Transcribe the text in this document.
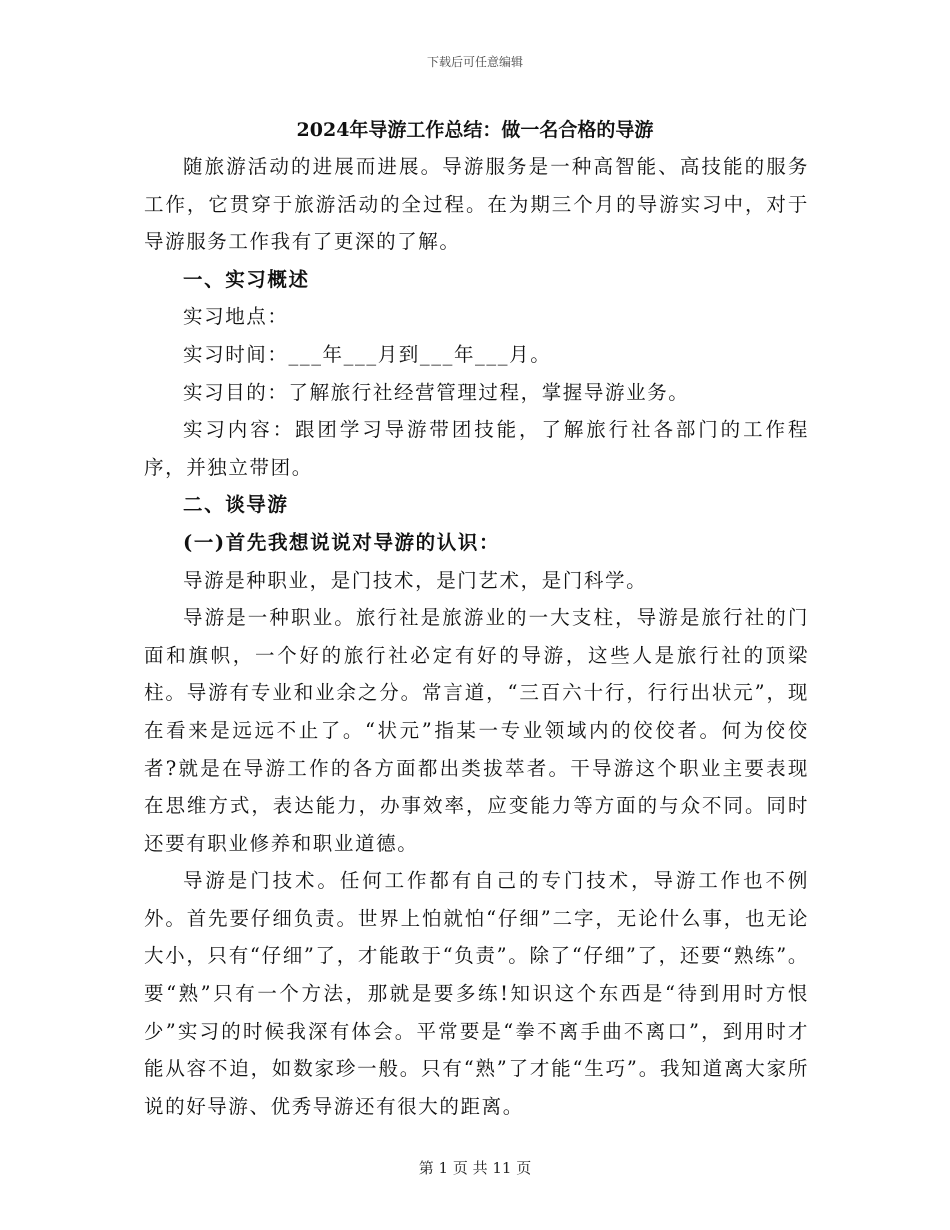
下载后可任意编辑
2024年导游工作总结：做一名合格的导游

随旅游活动的进展而进展。导游服务是一种高智能、高技能的服务工作，它贯穿于旅游活动的全过程。在为期三个月的导游实习中，对于导游服务工作我有了更深的了解。

一、实习概述

实习地点：

实习时间：___年___月到___年___月。

实习目的：了解旅行社经营管理过程，掌握导游业务。

实习内容：跟团学习导游带团技能，了解旅行社各部门的工作程序，并独立带团。

二、谈导游

(一)首先我想说说对导游的认识：

导游是种职业，是门技术，是门艺术，是门科学。

导游是一种职业。旅行社是旅游业的一大支柱，导游是旅行社的门面和旗帜，一个好的旅行社必定有好的导游，这些人是旅行社的顶梁柱。导游有专业和业余之分。常言道，“三百六十行，行行出状元”，现在看来是远远不止了。“状元”指某一专业领域内的佼佼者。何为佼佼者?就是在导游工作的各方面都出类拔萃者。干导游这个职业主要表现在思维方式，表达能力，办事效率，应变能力等方面的与众不同。同时还要有职业修养和职业道德。

导游是门技术。任何工作都有自己的专门技术，导游工作也不例外。首先要仔细负责。世界上怕就怕“仔细”二字，无论什么事，也无论大小，只有“仔细”了，才能敢于“负责”。除了“仔细”了，还要“熟练”。要“熟”只有一个方法，那就是要多练!知识这个东西是“待到用时方恨少”实习的时候我深有体会。平常要是“拳不离手曲不离口”，到用时才能从容不迫，如数家珍一般。只有“熟”了才能“生巧”。我知道离大家所说的好导游、优秀导游还有很大的距离。

第 1 页 共 11 页
